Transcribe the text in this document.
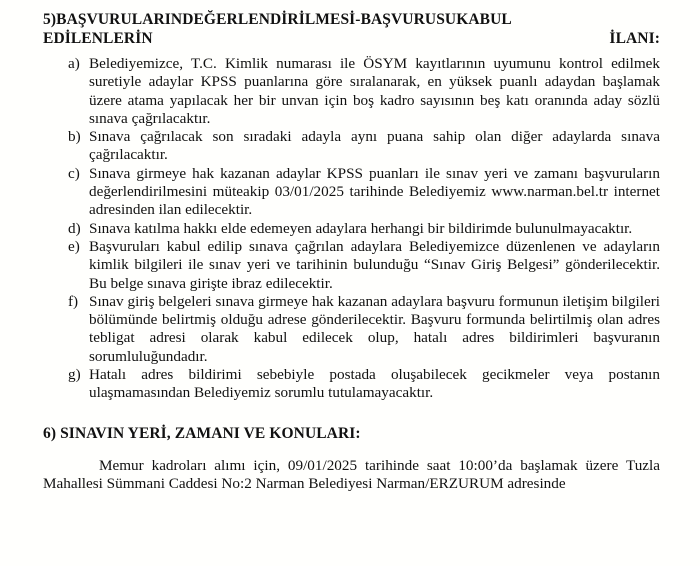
5)BAŞVURULARINDEĞERLENDİRİLMESİ-BAŞVURUSUKABUL
EDİLENLERİN İLANI:
a) Belediyemizce, T.C. Kimlik numarası ile ÖSYM kayıtlarının uyumunu kontrol edilmek suretiyle adaylar KPSS puanlarına göre sıralanarak, en yüksek puanlı adaydan başlamak üzere atama yapılacak her bir unvan için boş kadro sayısının beş katı oranında aday sözlü sınava çağrılacaktır.
b) Sınava çağrılacak son sıradaki adayla aynı puana sahip olan diğer adaylarda sınava çağrılacaktır.
c) Sınava girmeye hak kazanan adaylar KPSS puanları ile sınav yeri ve zamanı başvuruların değerlendirilmesini müteakip 03/01/2025 tarihinde Belediyemiz www.narman.bel.tr internet adresinden ilan edilecektir.
d) Sınava katılma hakkı elde edemeyen adaylara herhangi bir bildirimde bulunulmayacaktır.
e) Başvuruları kabul edilip sınava çağrılan adaylara Belediyemizce düzenlenen ve adayların kimlik bilgileri ile sınav yeri ve tarihinin bulunduğu “Sınav Giriş Belgesi” gönderilecektir. Bu belge sınava girişte ibraz edilecektir.
f) Sınav giriş belgeleri sınava girmeye hak kazanan adaylara başvuru formunun iletişim bilgileri bölümünde belirtmiş olduğu adrese gönderilecektir. Başvuru formunda belirtilmiş olan adres tebligat adresi olarak kabul edilecek olup, hatalı adres bildirimleri başvuranın sorumluluğundadır.
g) Hatalı adres bildirimi sebebiyle postada oluşabilecek gecikmeler veya postanın ulaşmamasından Belediyemiz sorumlu tutulamayacaktır.
6) SINAVIN YERİ, ZAMANI VE KONULARI:

Memur kadroları alımı için, 09/01/2025 tarihinde saat 10:00’da başlamak üzere Tuzla Mahallesi Sümmani Caddesi No:2 Narman Belediyesi Narman/ERZURUM adresinde
